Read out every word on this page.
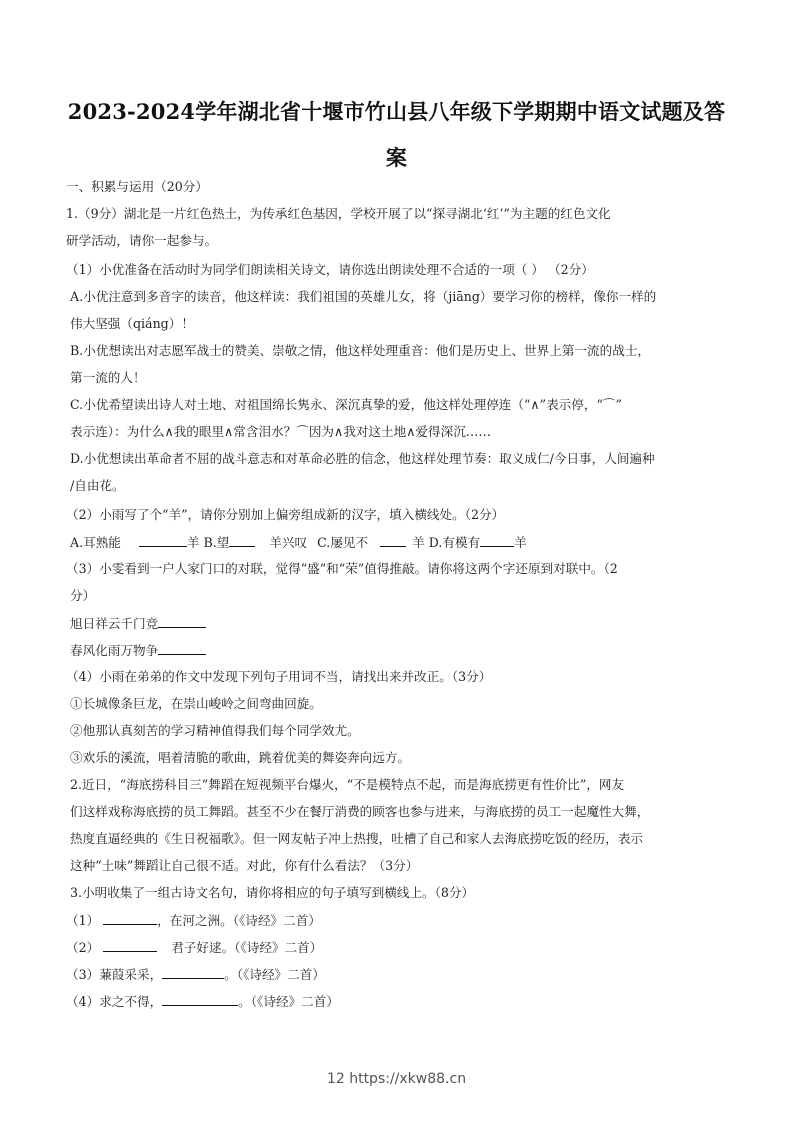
2023-2024学年湖北省十堰市竹山县八年级下学期期中语文试题及答
案
一、积累与运用（20分）
1.（9分）湖北是一片红色热土，为传承红色基因，学校开展了以“探寻湖北‘红’”为主题的红色文化
研学活动，请你一起参与。
（1）小优准备在活动时为同学们朗读相关诗文，请你选出朗读处理不合适的一项（ ） （2分）
A.小优注意到多音字的读音，他这样读：我们祖国的英雄儿女，将（jiāng）要学习你的榜样，像你一样的
伟大坚强（qiáng）！
B.小优想读出对志愿军战士的赞美、崇敬之情，他这样处理重音：他们是历史上、世界上第一流的战士，
第一流的人！
C.小优希望读出诗人对土地、对祖国绵长隽永、深沉真挚的爱，他这样处理停连（“∧”表示停，“⌒”
表示连）：为什么∧我的眼里∧常含泪水？⌒因为∧我对这土地∧爱得深沉……
D.小优想读出革命者不屈的战斗意志和对革命必胜的信念，他这样处理节奏：取义成仁/今日事，人间遍种
/自由花。
（2）小雨写了个“羊”，请你分别加上偏旁组成新的汉字，填入横线处。（2分）
A.耳熟能	羊 B.望	羊兴叹 C.屡见不	羊 D.有模有	羊
（3）小雯看到一户人家门口的对联，觉得“盛”和“荣”值得推敲。请你将这两个字还原到对联中。（2
分）
旭日祥云千门竞
春风化雨万物争
（4）小雨在弟弟的作文中发现下列句子用词不当，请找出来并改正。（3分）
①长城像条巨龙，在崇山峻岭之间弯曲回旋。
②他那认真刻苦的学习精神值得我们每个同学效尤。
③欢乐的溪流，唱着清脆的歌曲，跳着优美的舞姿奔向远方。
2.近日，“海底捞科目三”舞蹈在短视频平台爆火，“不是模特点不起，而是海底捞更有性价比”，网友
们这样戏称海底捞的员工舞蹈。甚至不少在餐厅消费的顾客也参与进来，与海底捞的员工一起魔性大舞，
热度直逼经典的《生日祝福歌》。但一网友帖子冲上热搜，吐槽了自己和家人去海底捞吃饭的经历，表示
这种“土味”舞蹈让自己很不适。对此，你有什么看法？（3分）
3.小明收集了一组古诗文名句，请你将相应的句子填写到横线上。（8分）
（1）	，在河之洲。（《诗经》二首）
（2）	君子好逑。（《诗经》二首）
（3）蒹葭采采，	。（《诗经》二首）
（4）求之不得，	。（《诗经》二首）
12 https://xkw88.cn
